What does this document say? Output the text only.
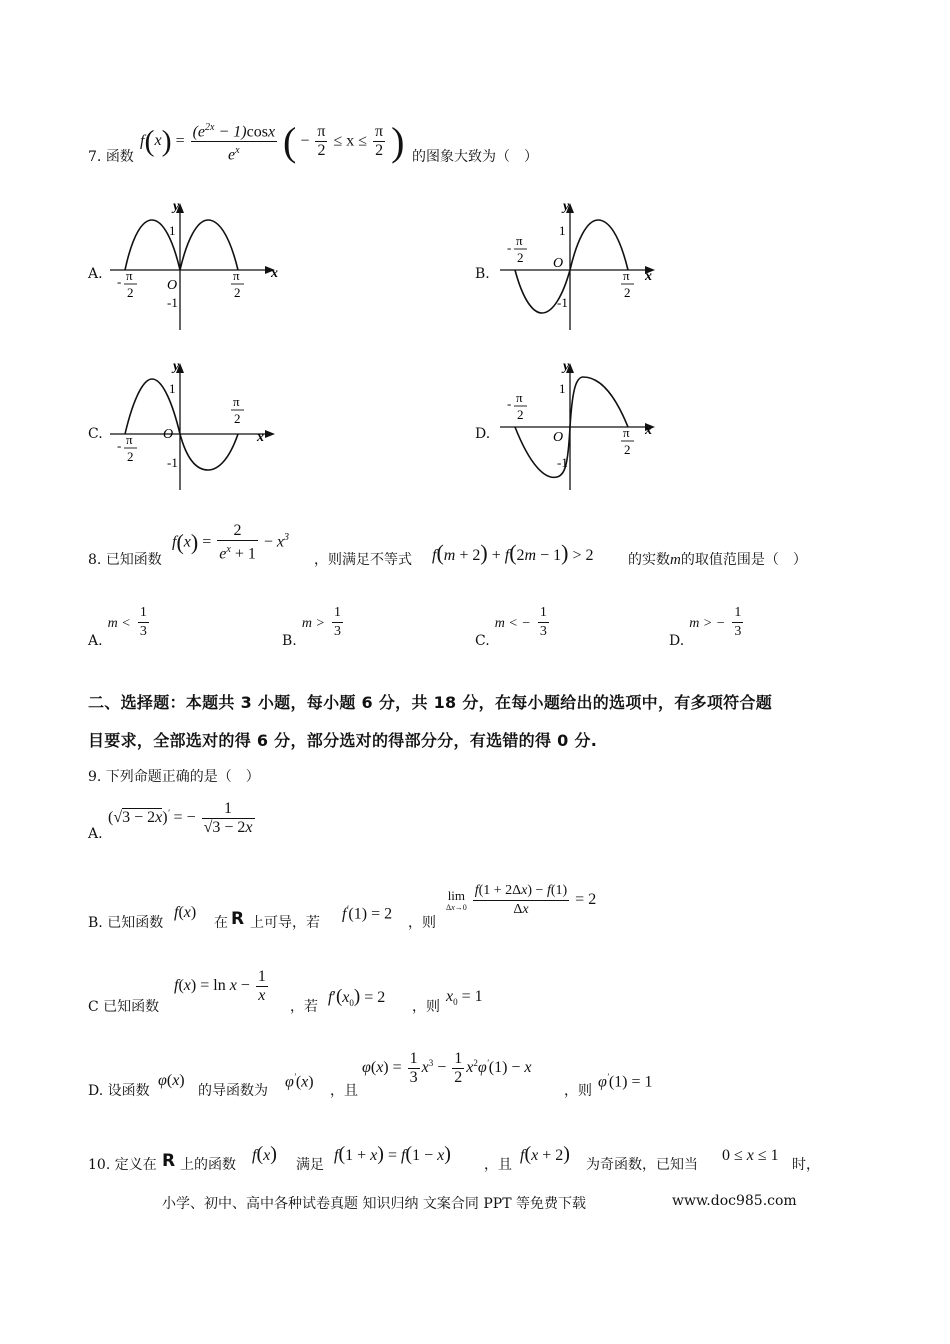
7. 函数
$f(x) = \frac{(e^{2x} - 1)\cos x}{e^x}$ ( − $\frac{\pi}{2} \le x \le \frac{\pi}{2}$ ) 的图象大致为（　）
A.	B.
C.	D.
y
x
O
1
-1
- π
2
π
2
y
x
O
1
-1
- π
2
π
2
y
x
O
1
-1
- π
2
π
2
y
x
O
1
-1
- π
2
π
2
8. 已知函数
$f(x) = \frac{2}{e^x + 1} - x^3$
，则满足不等式 f(m + 2) + f(2m − 1) > 2 的实数m的取值范围是（　）
A. $m < \frac{1}{3}$	B. $m > \frac{1}{3}$	C. m < − $\frac{1}{3}$	D. m > − $\frac{1}{3}$
二、选择题：本题共 3 小题，每小题 6 分，共 18 分，在每小题给出的选项中，有多项符合题
目要求，全部选对的得 6 分，部分选对的得部分分，有选错的得 0 分.
9. 下列命题正确的是（　）
A.
(√3 − 2x)′ = − $\frac{1}{√3 - 2x}$
B. 已知函数
f(x)
在 R 上可导，若
f′(1) = 2
，则
lim
Δx→0
$\frac{f(1 + 2\Delta x) - f(1)}{\Delta x} = 2$
C 已知函数
$f(x) = \ln x - \frac{1}{x}$
，若
$f'(x_0) = 2$
，则
$x_0 = 1$
D. 设函数
φ(x)
的导函数为
φ′(x)
，且
$\varphi(x) = \frac{1}{3} x^3 - \frac{1}{2} x^2\varphi'(1) - x$
，则
φ′(1) = 1
10. 定义在 R 上的函数
f(x) 满足
f(1 + x) = f(1 − x) ，且
f(x + 2) 为奇函数，已知当
0 ≤ x ≤ 1
时，
小学、初中、高中各种试卷真题 知识归纳 文案合同 PPT 等免费下载	www.doc985.com
